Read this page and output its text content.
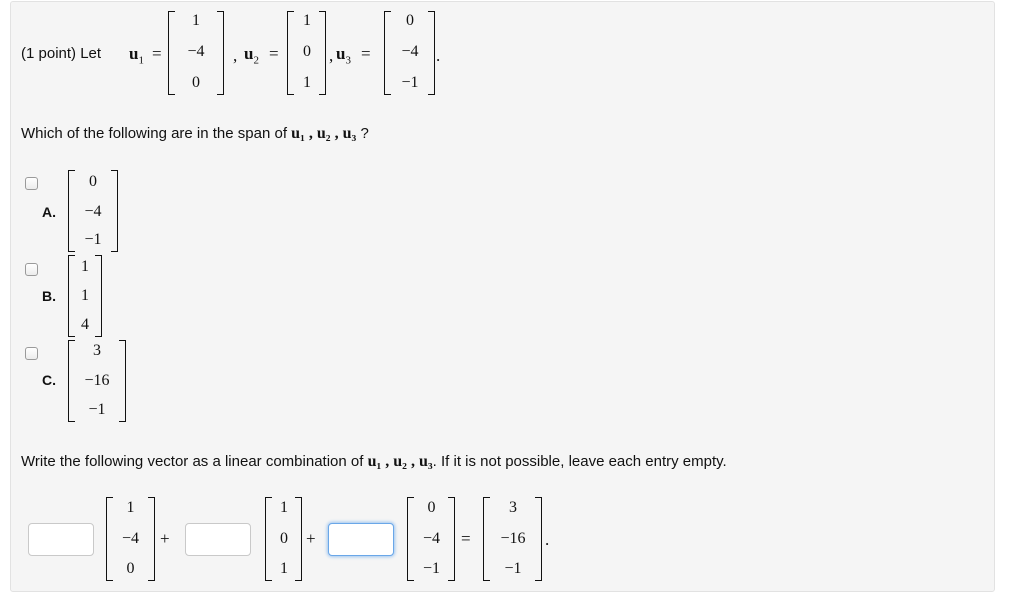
(1 point) Let $u_1$ =
1
−4
0
, $u_2$ =
1
0
1
, $u_3$ =
0
−4
−1
.
Which of the following are in the span of u₁ , u₂ , u₃ ?
A.
0
−4
−1
B.
1
1
4
C.
3
−16
−1
Write the following vector as a linear combination of u₁ , u₂ , u₃. If it is not possible, leave each entry empty.
1
−4
0
+
1
0
1
+
0
−4
−1
=
3
−16
−1
.
